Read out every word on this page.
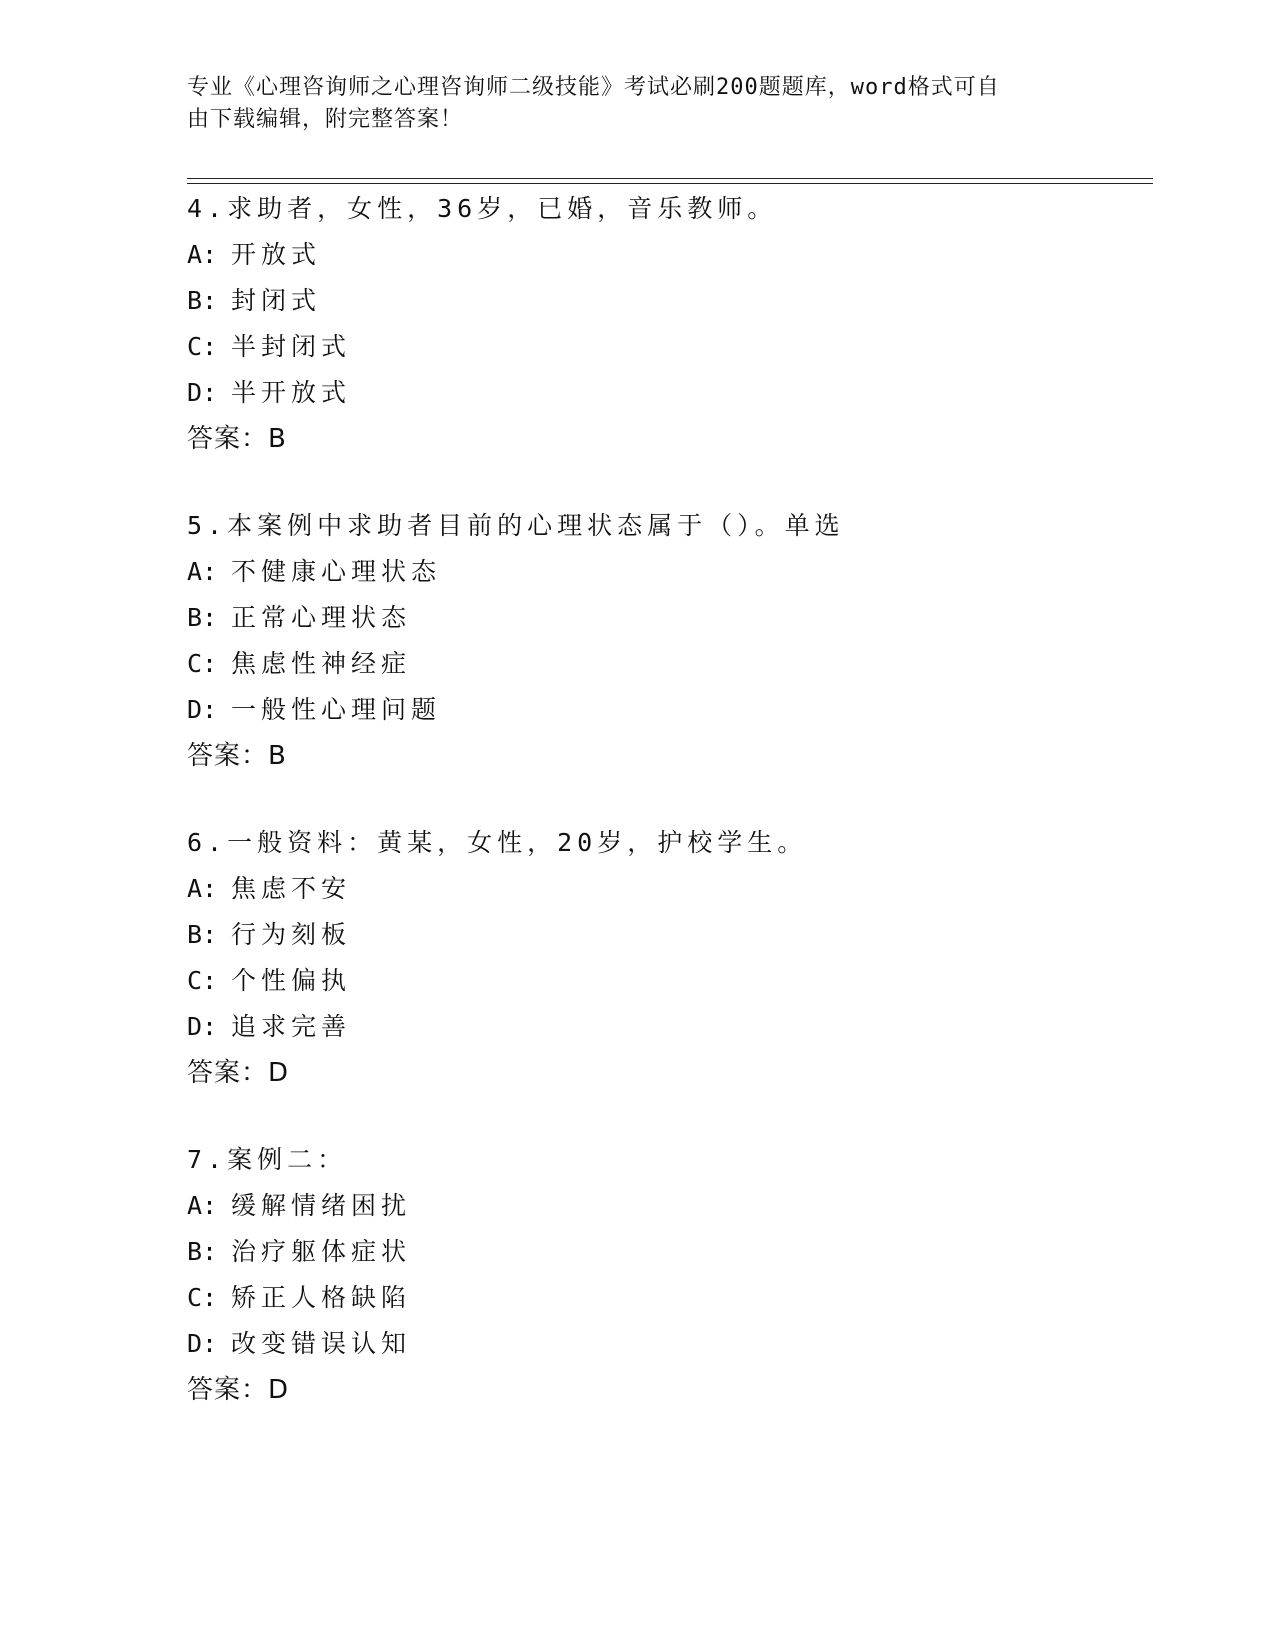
专业《心理咨询师之心理咨询师二级技能》考试必刷200题题库，word格式可自
由下载编辑，附完整答案！
4.求助者，女性，36岁，已婚，音乐教师。
A: 开放式
B: 封闭式
C: 半封闭式
D: 半开放式
答案：B
5.本案例中求助者目前的心理状态属于（）。单选
A: 不健康心理状态
B: 正常心理状态
C: 焦虑性神经症
D: 一般性心理问题
答案：B
6.一般资料：黄某，女性，20岁，护校学生。
A: 焦虑不安
B: 行为刻板
C: 个性偏执
D: 追求完善
答案：D
7.案例二：
A: 缓解情绪困扰
B: 治疗躯体症状
C: 矫正人格缺陷
D: 改变错误认知
答案：D
